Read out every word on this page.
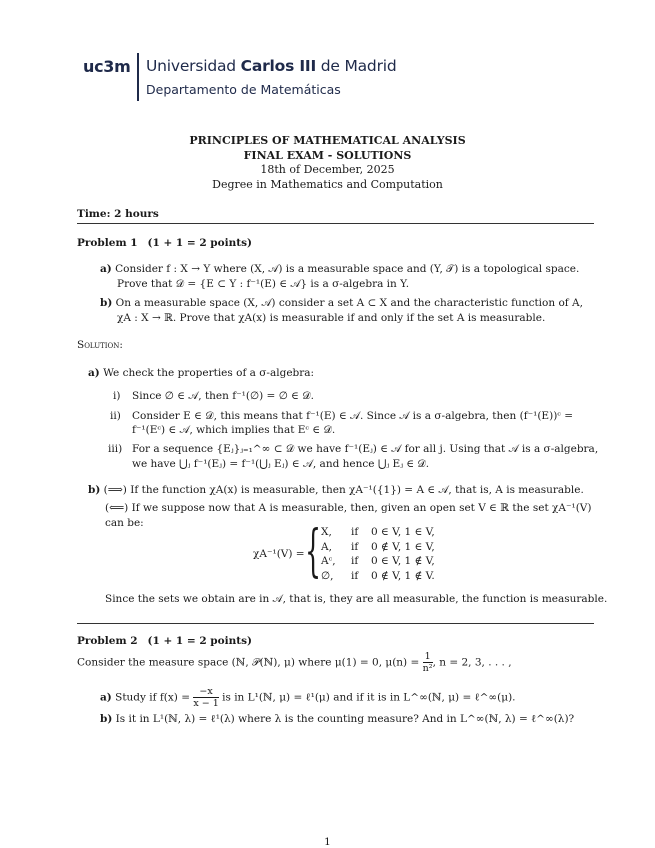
uc3m Universidad Carlos III de Madrid
Departamento de Matemáticas
PRINCIPLES OF MATHEMATICAL ANALYSIS
FINAL EXAM - SOLUTIONS
18th of December, 2025
Degree in Mathematics and Computation
Time: 2 hours
Problem 1 (1 + 1 = 2 points)
a) Consider f : X → Y where (X, 𝒜) is a measurable space and (Y, 𝒯) is a topological space.
Prove that 𝒟 = {E ⊂ Y : f⁻¹(E) ∈ 𝒜} is a σ-algebra in Y.
b) On a measurable space (X, 𝒜) consider a set A ⊂ X and the characteristic function of A,
χA : X → ℝ. Prove that χA(x) is measurable if and only if the set A is measurable.
Solution:
a) We check the properties of a σ-algebra:
i) Since ∅ ∈ 𝒜, then f⁻¹(∅) = ∅ ∈ 𝒟.
ii) Consider E ∈ 𝒟, this means that f⁻¹(E) ∈ 𝒜. Since 𝒜 is a σ-algebra, then (f⁻¹(E))ᶜ =
f⁻¹(Eᶜ) ∈ 𝒜, which implies that Eᶜ ∈ 𝒟.
iii) For a sequence {Eⱼ}ⱼ₌₁^∞ ⊂ 𝒟 we have f⁻¹(Eⱼ) ∈ 𝒜 for all j. Using that 𝒜 is a σ-algebra,
we have ⋃ⱼ f⁻¹(Eⱼ) = f⁻¹(⋃ⱼ Eⱼ) ∈ 𝒜, and hence ⋃ⱼ Eⱼ ∈ 𝒟.
b) (⟹) If the function χA(x) is measurable, then χA⁻¹({1}) = A ∈ 𝒜, that is, A is measurable.
(⟸) If we suppose now that A is measurable, then, given an open set V ∈ ℝ the set χA⁻¹(V)
can be:
χA⁻¹(V) = { X, if 0 ∈ V, 1 ∈ V,
A, if 0 ∉ V, 1 ∈ V,
Aᶜ, if 0 ∈ V, 1 ∉ V,
∅, if 0 ∉ V, 1 ∉ V.
Since the sets we obtain are in 𝒜, that is, they are all measurable, the function is measurable.
Problem 2 (1 + 1 = 2 points)
Consider the measure space (ℕ, 𝒫(ℕ), μ) where μ(1) = 0, $\mu(n) = \frac{1}{\text{n²}}$ , n = 2, 3, . . . ,
a) Study if $f(x) = \frac{-x}{x - 1}$ is in L¹(ℕ, μ) = ℓ¹(μ) and if it is in L^∞(ℕ, μ) = ℓ^∞(μ).
b) Is it in L¹(ℕ, λ) = ℓ¹(λ) where λ is the counting measure? And in L^∞(ℕ, λ) = ℓ^∞(λ)?
1
